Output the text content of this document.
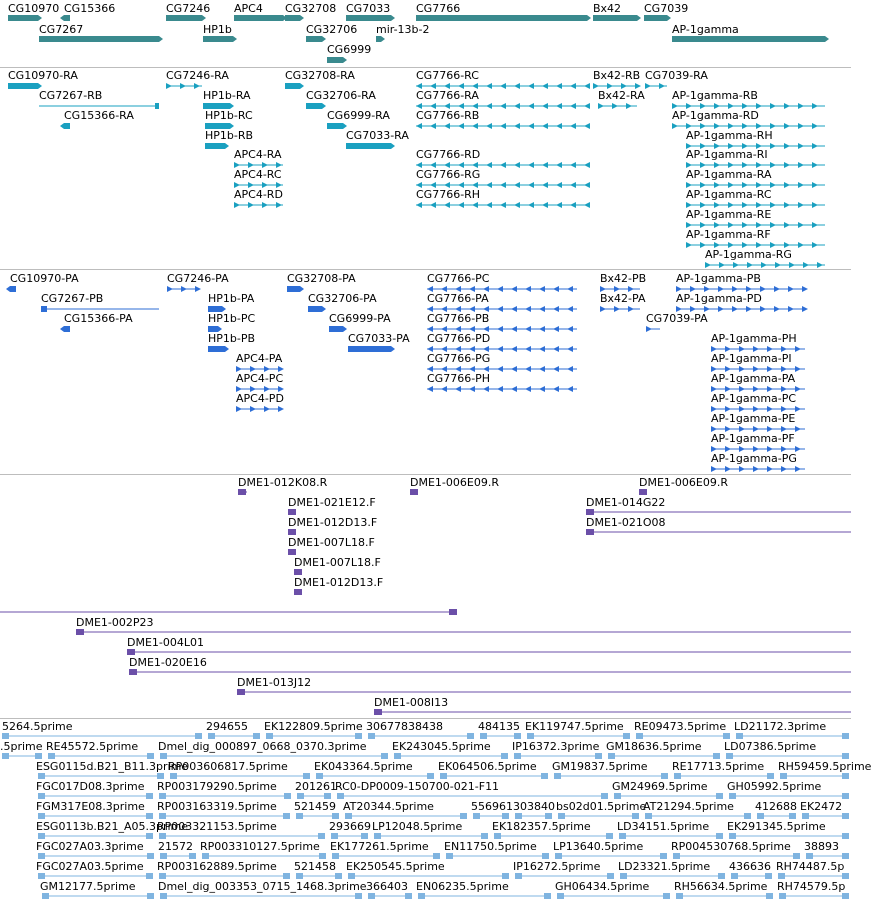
CG10970 CG15366
CG7267
CG7246
HP1b
APC4 CG32708
CG32706
CG7033
CG6999
mir-13b-2
CG7766	Bx42 CG7039
AP-1gamma
CG10970-RA
CG7267-RB
CG15366-RA
CG7246-RA
HP1b-RA
HP1b-RC
HP1b-RB
APC4-RA
APC4-RC
APC4-RD
CG32708-RA
CG32706-RA
CG6999-RA
CG7033-RA
CG7766-RC
CG7766-RA
CG7766-RB
CG7766-RD
CG7766-RG
CG7766-RH
Bx42-RB
Bx42-RA
CG7039-RA
AP-1gamma-RB
AP-1gamma-RD
AP-1gamma-RH
AP-1gamma-RI
AP-1gamma-RA
AP-1gamma-RC
AP-1gamma-RE
AP-1gamma-RF
AP-1gamma-RG
CG10970-PA
CG7267-PB
CG15366-PA
CG7246-PA
HP1b-PA
HP1b-PC
HP1b-PB
APC4-PA
APC4-PC
APC4-PD
CG32708-PA
CG32706-PA
CG6999-PA
CG7033-PA
CG7766-PC
CG7766-PA
CG7766-PB
CG7766-PD
CG7766-PG
CG7766-PH
Bx42-PB
Bx42-PA
CG7039-PA
AP-1gamma-PB
AP-1gamma-PD
AP-1gamma-PH
AP-1gamma-PI
AP-1gamma-PA
AP-1gamma-PC
AP-1gamma-PE
AP-1gamma-PF
AP-1gamma-PG
DME1-012K08.R	DME1-006E09.R	DME1-006E09.R
DME1-021E12.F	DME1-014G22
DME1-012D13.F	DME1-021O08
DME1-007L18.F
DME1-007L18.F
DME1-012D13.F
DME1-002P23
DME1-004L01
DME1-020E16
DME1-013J12
DME1-008I13
5264.5prime	294655 EK122809.5prime 30677838438	484135 EK119747.5prime RE09473.5prime LD21172.3prime
.5prime RE45572.5prime Dmel_dig_000897_0668_0370.3prime EK243045.5prime IP16372.3prime GM18636.5prime LD07386.5prime
ESG0115d.B21_B11.3prime
RP003606817.5prime EK043364.5prime EK064506.5prime GM19837.5prime RE17713.5prime RH59459.5prime
FGC017D08.3prime RP003179290.5prime 201261
RC0-DP0009-150700-021-F11	GM24969.5prime GH05992.5prime
FGM317E08.3prime RP003163319.5prime 521459 AT20344.5prime	556961 303840 bs02d01.5prime
AT21294.5prime 412688 EK2472
ESG0113b.B21_A05.3prime
RP003321153.5prime	293669 LP12048.5prime	EK182357.5prime LD34151.5prime EK291345.5prime
FGC027A03.3prime 21572 RP003310127.5prime EK177261.5prime EN11750.5prime LP13640.5prime	RP004530768.5prime 38893
FGC027A03.5prime RP003162889.5prime 521458 EK250545.5prime	IP16272.5prime LD23321.5prime 436636 RH74487.5p
GM12177.5prime Dmel_dig_003353_0715_1468.3prime 366403 EN06235.5prime	GH06434.5prime RH56634.5prime RH74579.5p
